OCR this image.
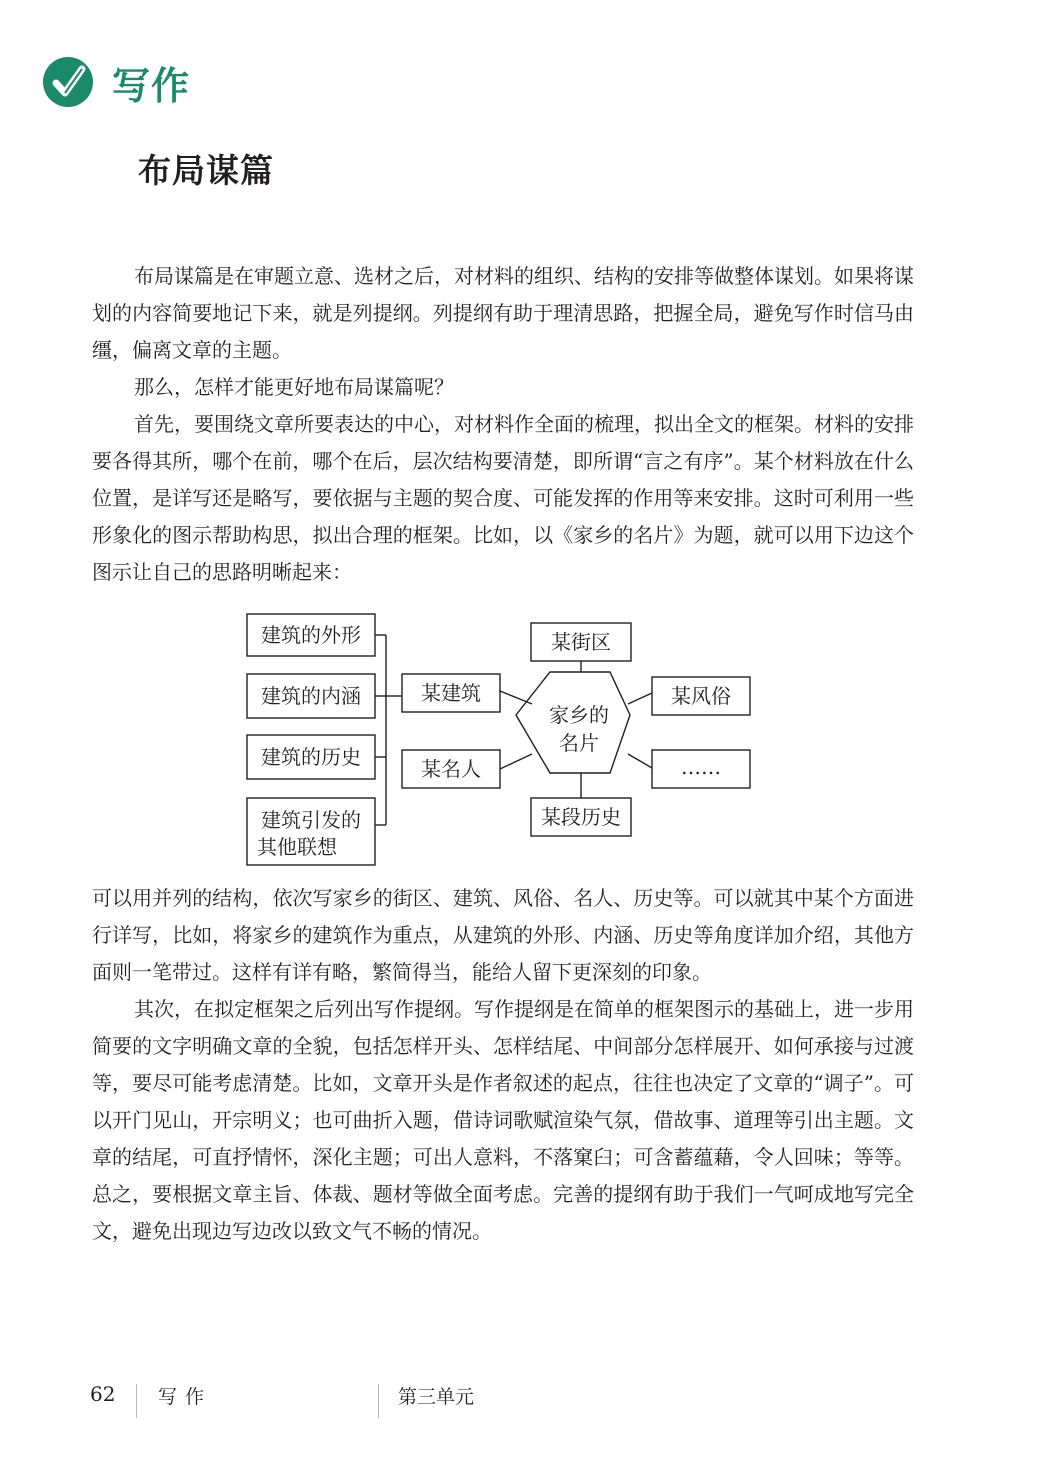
写作
布局谋篇

布局谋篇是在审题立意、选材之后，对材料的组织、结构的安排等做整体谋划。如果将谋划的内容简要地记下来，就是列提纲。列提纲有助于理清思路，把握全局，避免写作时信马由缰，偏离文章的主题。

那么，怎样才能更好地布局谋篇呢？

首先，要围绕文章所要表达的中心，对材料作全面的梳理，拟出全文的框架。材料的安排要各得其所，哪个在前，哪个在后，层次结构要清楚，即所谓“言之有序”。某个材料放在什么位置，是详写还是略写，要依据与主题的契合度、可能发挥的作用等来安排。这时可利用一些形象化的图示帮助构思，拟出合理的框架。比如，以《家乡的名片》为题，就可以用下边这个图示让自己的思路明晰起来：

建筑的外形
建筑的内涵
建筑的历史
建筑引发的
其他联想
某建筑
某名人
某街区
某段历史
某风俗
……
家乡的
名片

可以用并列的结构，依次写家乡的街区、建筑、风俗、名人、历史等。可以就其中某个方面进行详写，比如，将家乡的建筑作为重点，从建筑的外形、内涵、历史等角度详加介绍，其他方面则一笔带过。这样有详有略，繁简得当，能给人留下更深刻的印象。

其次，在拟定框架之后列出写作提纲。写作提纲是在简单的框架图示的基础上，进一步用简要的文字明确文章的全貌，包括怎样开头、怎样结尾、中间部分怎样展开、如何承接与过渡等，要尽可能考虑清楚。比如，文章开头是作者叙述的起点，往往也决定了文章的“调子”。可以开门见山，开宗明义；也可曲折入题，借诗词歌赋渲染气氛，借故事、道理等引出主题。文章的结尾，可直抒情怀，深化主题；可出人意料，不落窠臼；可含蓄蕴藉，令人回味；等等。总之，要根据文章主旨、体裁、题材等做全面考虑。完善的提纲有助于我们一气呵成地写完全文，避免出现边写边改以致文气不畅的情况。

62 写作	第三单元
